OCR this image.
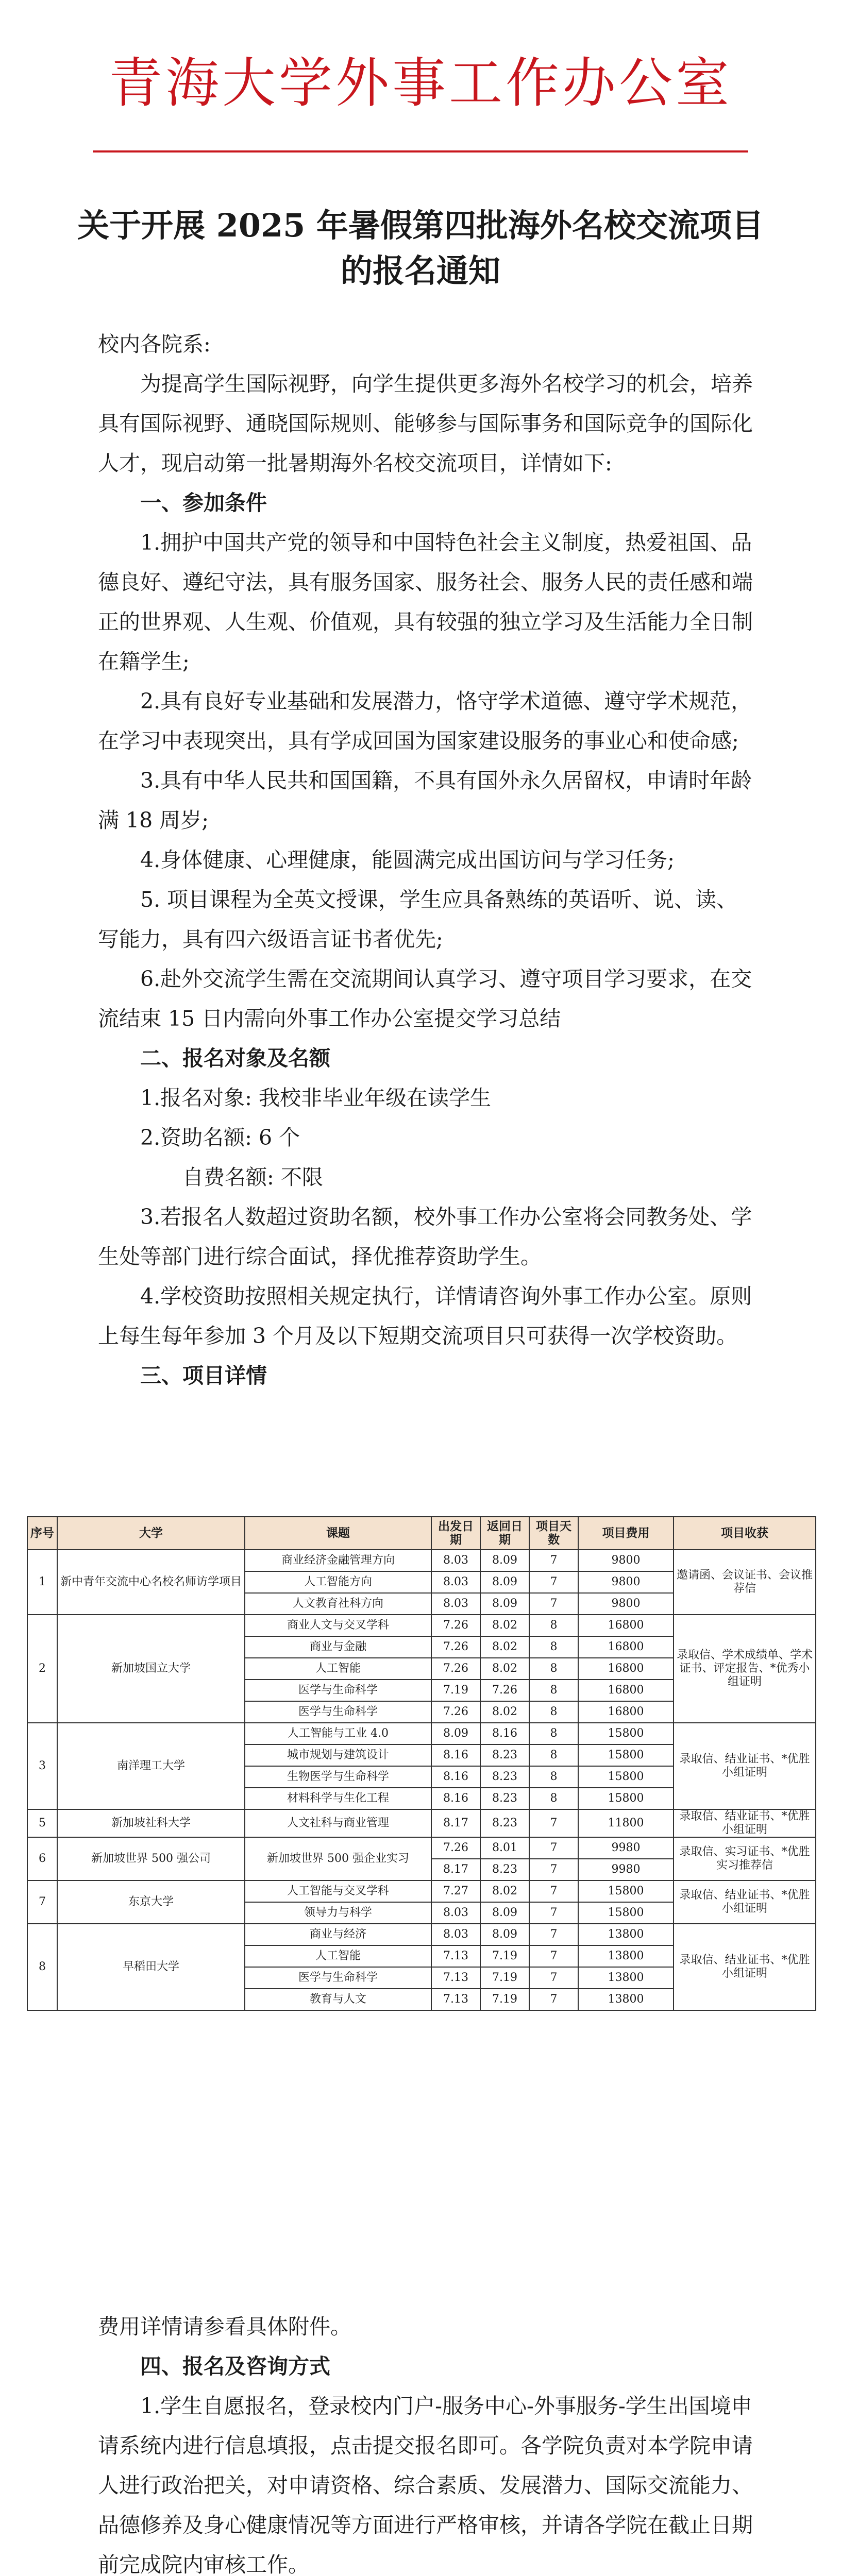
青海大学外事工作办公室
关于开展 2025 年暑假第四批海外名校交流项目
的报名通知
校内各院系:
为提高学生国际视野，向学生提供更多海外名校学习的机会，培养具有国际视野、通晓国际规则、能够参与国际事务和国际竞争的国际化人才，现启动第一批暑期海外名校交流项目，详情如下:
一、参加条件
1.拥护中国共产党的领导和中国特色社会主义制度，热爱祖国、品德良好、遵纪守法，具有服务国家、服务社会、服务人民的责任感和端正的世界观、人生观、价值观，具有较强的独立学习及生活能力全日制在籍学生;
2.具有良好专业基础和发展潜力，恪守学术道德、遵守学术规范，在学习中表现突出，具有学成回国为国家建设服务的事业心和使命感;
3.具有中华人民共和国国籍，不具有国外永久居留权，申请时年龄满 18 周岁;
4.身体健康、心理健康，能圆满完成出国访问与学习任务;
5. 项目课程为全英文授课，学生应具备熟练的英语听、说、读、写能力，具有四六级语言证书者优先;
6.赴外交流学生需在交流期间认真学习、遵守项目学习要求，在交流结束 15 日内需向外事工作办公室提交学习总结
二、报名对象及名额
1.报名对象: 我校非毕业年级在读学生
2.资助名额: 6 个
自费名额: 不限
3.若报名人数超过资助名额，校外事工作办公室将会同教务处、学生处等部门进行综合面试，择优推荐资助学生。
4.学校资助按照相关规定执行，详情请咨询外事工作办公室。原则上每生每年参加 3 个月及以下短期交流项目只可获得一次学校资助。
三、项目详情
序号	大学	课题	出发日期	返回日期	项目天数	项目费用	项目收获
1	新中青年交流中心名校名师访学项目	商业经济金融管理方向	8.03	8.09	7	9800	邀请函、会议证书、会议推荐信
		人工智能方向	8.03	8.09	7	9800	
		人文教育社科方向	8.03	8.09	7	9800	
2	新加坡国立大学	商业人文与交叉学科	7.26	8.02	8	16800	录取信、学术成绩单、学术证书、评定报告、*优秀小组证明
		商业与金融	7.26	8.02	8	16800	
		人工智能	7.26	8.02	8	16800	
		医学与生命科学	7.19	7.26	8	16800	
		医学与生命科学	7.26	8.02	8	16800	
3	南洋理工大学	人工智能与工业 4.0	8.09	8.16	8	15800	录取信、结业证书、*优胜小组证明
		城市规划与建筑设计	8.16	8.23	8	15800	
		生物医学与生命科学	8.16	8.23	8	15800	
		材料科学与生化工程	8.16	8.23	8	15800	
5	新加坡社科大学	人文社科与商业管理	8.17	8.23	7	11800	录取信、结业证书、*优胜小组证明
6	新加坡世界 500 强公司	新加坡世界 500 强企业实习	7.26	8.01	7	9980	录取信、实习证书、*优胜实习推荐信
			8.17	8.23	7	9980	
7	东京大学	人工智能与交叉学科	7.27	8.02	7	15800	录取信、结业证书、*优胜小组证明
		领导力与科学	8.03	8.09	7	15800	
8	早稻田大学	商业与经济	8.03	8.09	7	13800	录取信、结业证书、*优胜小组证明
		人工智能	7.13	7.19	7	13800	
		医学与生命科学	7.13	7.19	7	13800	
		教育与人文	7.13	7.19	7	13800	
费用详情请参看具体附件。
四、报名及咨询方式
1.学生自愿报名，登录校内门户-服务中心-外事服务-学生出国境申请系统内进行信息填报，点击提交报名即可。各学院负责对本学院申请人进行政治把关，对申请资格、综合素质、发展潜力、国际交流能力、品德修养及身心健康情况等方面进行严格审核，并请各学院在截止日期前完成院内审核工作。
